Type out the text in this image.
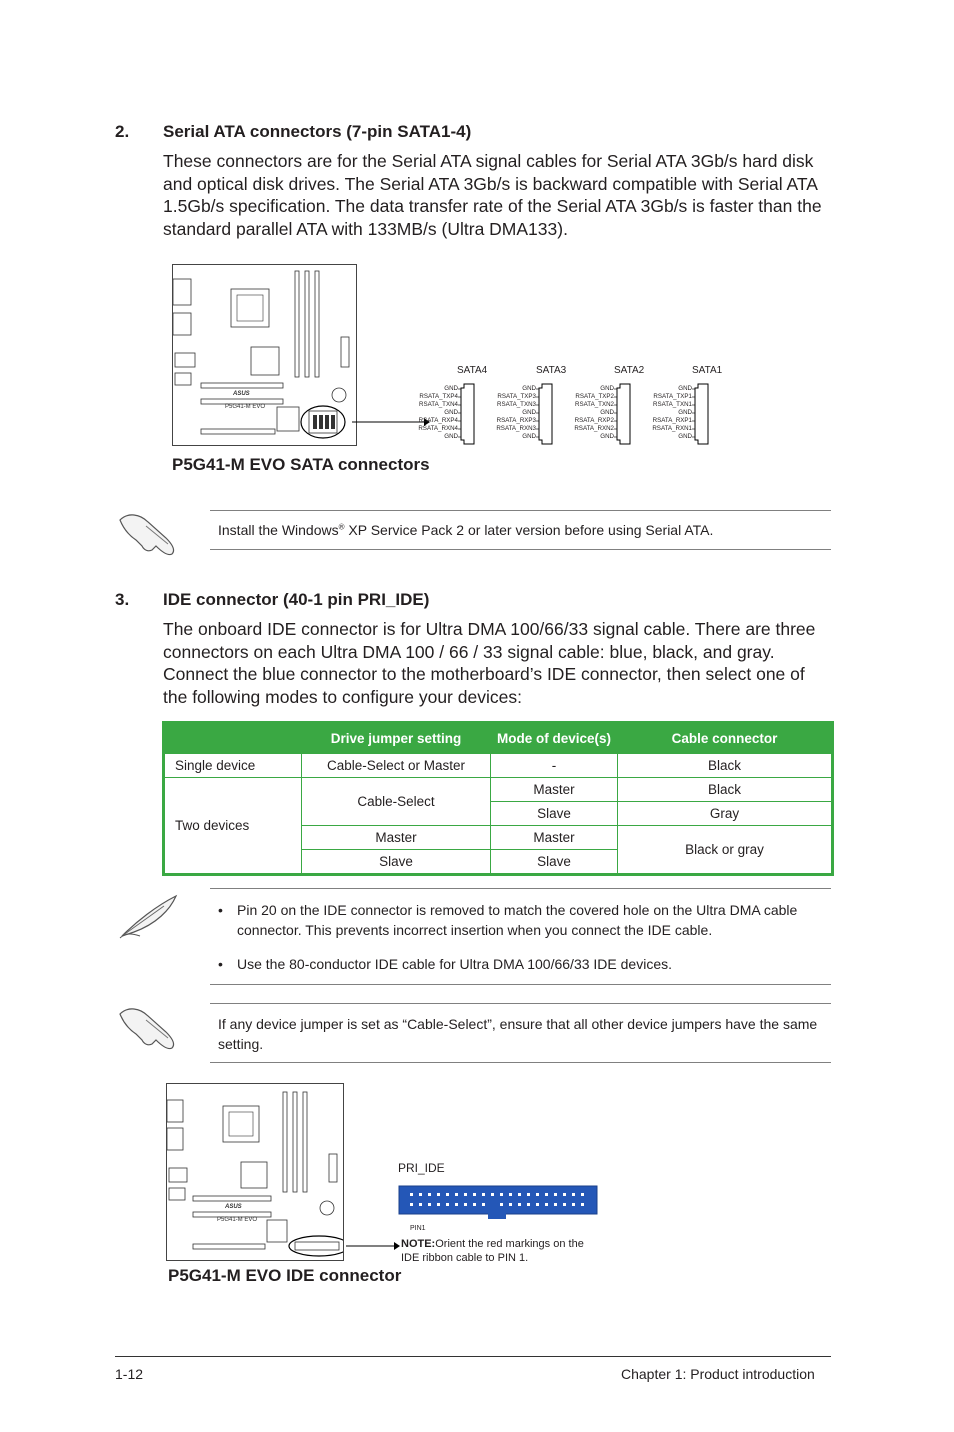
2. Serial ATA connectors (7-pin SATA1-4)
These connectors are for the Serial ATA signal cables for Serial ATA 3Gb/s hard disk and optical disk drives. The Serial ATA 3Gb/s is backward compatible with Serial ATA 1.5Gb/s specification. The data transfer rate of the Serial ATA 3Gb/s is faster than the standard parallel ATA with 133MB/s (Ultra DMA133).
ASUS
P5G41-M EVO
SATA4	SATA3	SATA2	SATA1
GND
RSATA_TXP4
RSATA_TXN4
GND
RSATA_RXP4
RSATA_RXN4
GND
GND
RSATA_TXP3
RSATA_TXN3
GND
RSATA_RXP3
RSATA_RXN3
GND
GND
RSATA_TXP2
RSATA_TXN2
GND
RSATA_RXP2
RSATA_RXN2
GND
GND
RSATA_TXP1
RSATA_TXN1
GND
RSATA_RXP1
RSATA_RXN1
GND
P5G41-M EVO SATA connectors
Install the Windows® XP Service Pack 2 or later version before using Serial ATA.
3. IDE connector (40-1 pin PRI_IDE)
The onboard IDE connector is for Ultra DMA 100/66/33 signal cable. There are three connectors on each Ultra DMA 100 / 66 / 33 signal cable: blue, black, and gray. Connect the blue connector to the motherboard’s IDE connector, then select one of the following modes to configure your devices:
	Drive jumper setting	Mode of device(s)	Cable connector
Single device	Cable-Select or Master	-	Black
Two devices	Cable-Select	Master	Black
		Slave	Gray
	Master	Master	Black or gray
	Slave	Slave	
• Pin 20 on the IDE connector is removed to match the covered hole on the Ultra DMA cable connector. This prevents incorrect insertion when you connect the IDE cable.
• Use the 80-conductor IDE cable for Ultra DMA 100/66/33 IDE devices.
If any device jumper is set as “Cable-Select”, ensure that all other device jumpers have the same setting.
ASUS
P5G41-M EVO
PRI_IDE
PIN1
NOTE:Orient the red markings on the IDE ribbon cable to PIN 1.
P5G41-M EVO IDE connector
1-12	Chapter 1: Product introduction
